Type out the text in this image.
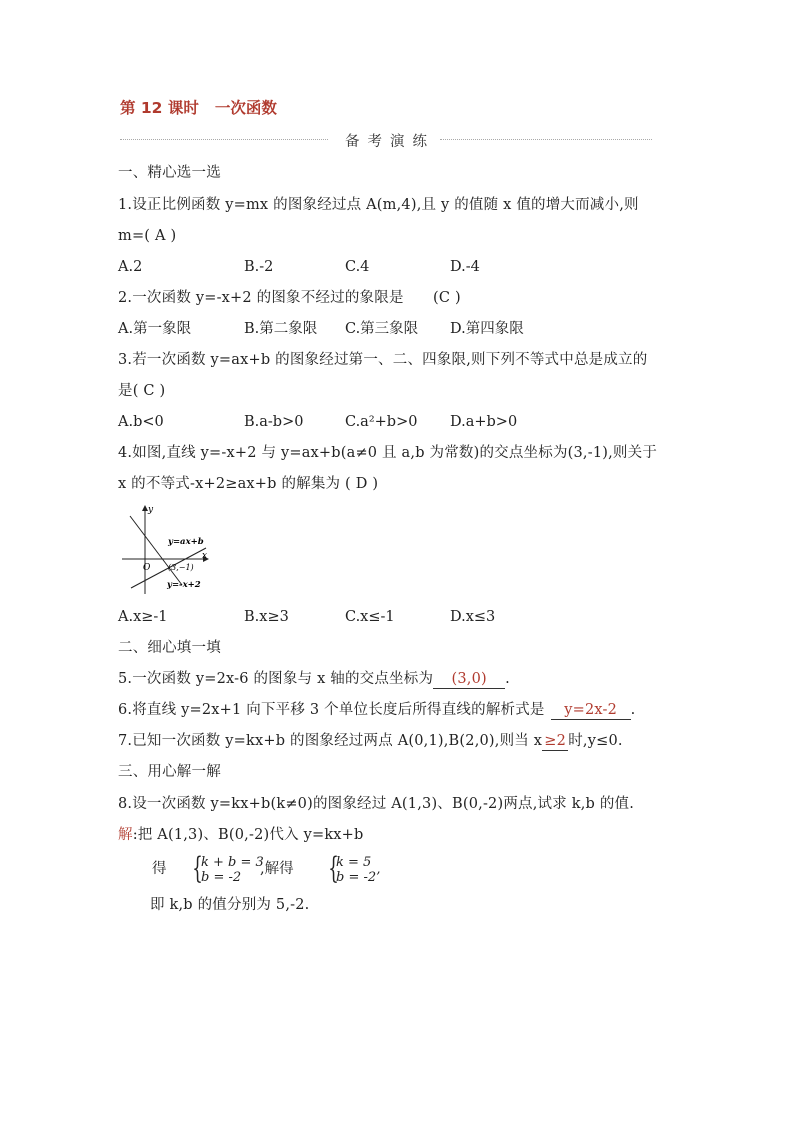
第 12 课时 一次函数
备考演练
一、精心选一选
1.设正比例函数 y=mx 的图象经过点 A(m,4),且 y 的值随 x 值的增大而减小,则
m=( A )
A.2	B.-2	C.4	D.-4
2.一次函数 y=-x+2 的图象不经过的象限是　　(C )
A.第一象限	B.第二象限 C.第三象限 D.第四象限
3.若一次函数 y=ax+b 的图象经过第一、二、四象限,则下列不等式中总是成立的
是( C )
A.b<0	B.a-b>0	C.a²+b>0 D.a+b>0
4.如图,直线 y=-x+2 与 y=ax+b(a≠0 且 a,b 为常数)的交点坐标为(3,-1),则关于
x 的不等式-x+2≥ax+b 的解集为 ( D )
y
x
O
y=ax+b
(3,−1)
y=-x+2
A.x≥-1	B.x≥3	C.x≤-1	D.x≤3
二、细心填一填
5.一次函数 y=2x-6 的图象与 x 轴的交点坐标为 (3,0) .
6.将直线 y=2x+1 向下平移 3 个单位长度后所得直线的解析式是 y=2x-2 .
7.已知一次函数 y=kx+b 的图象经过两点 A(0,1),B(2,0),则当 x ≥2 时,y≤0.
三、用心解一解
8.设一次函数 y=kx+b(k≠0)的图象经过 A(1,3)、B(0,-2)两点,试求 k,b 的值.
解:把 A(1,3)、B(0,-2)代入 y=kx+b
得 {
k + b = 3
b = -2
,解得 {
k = 5
b = -2’
即 k,b 的值分别为 5,-2.
